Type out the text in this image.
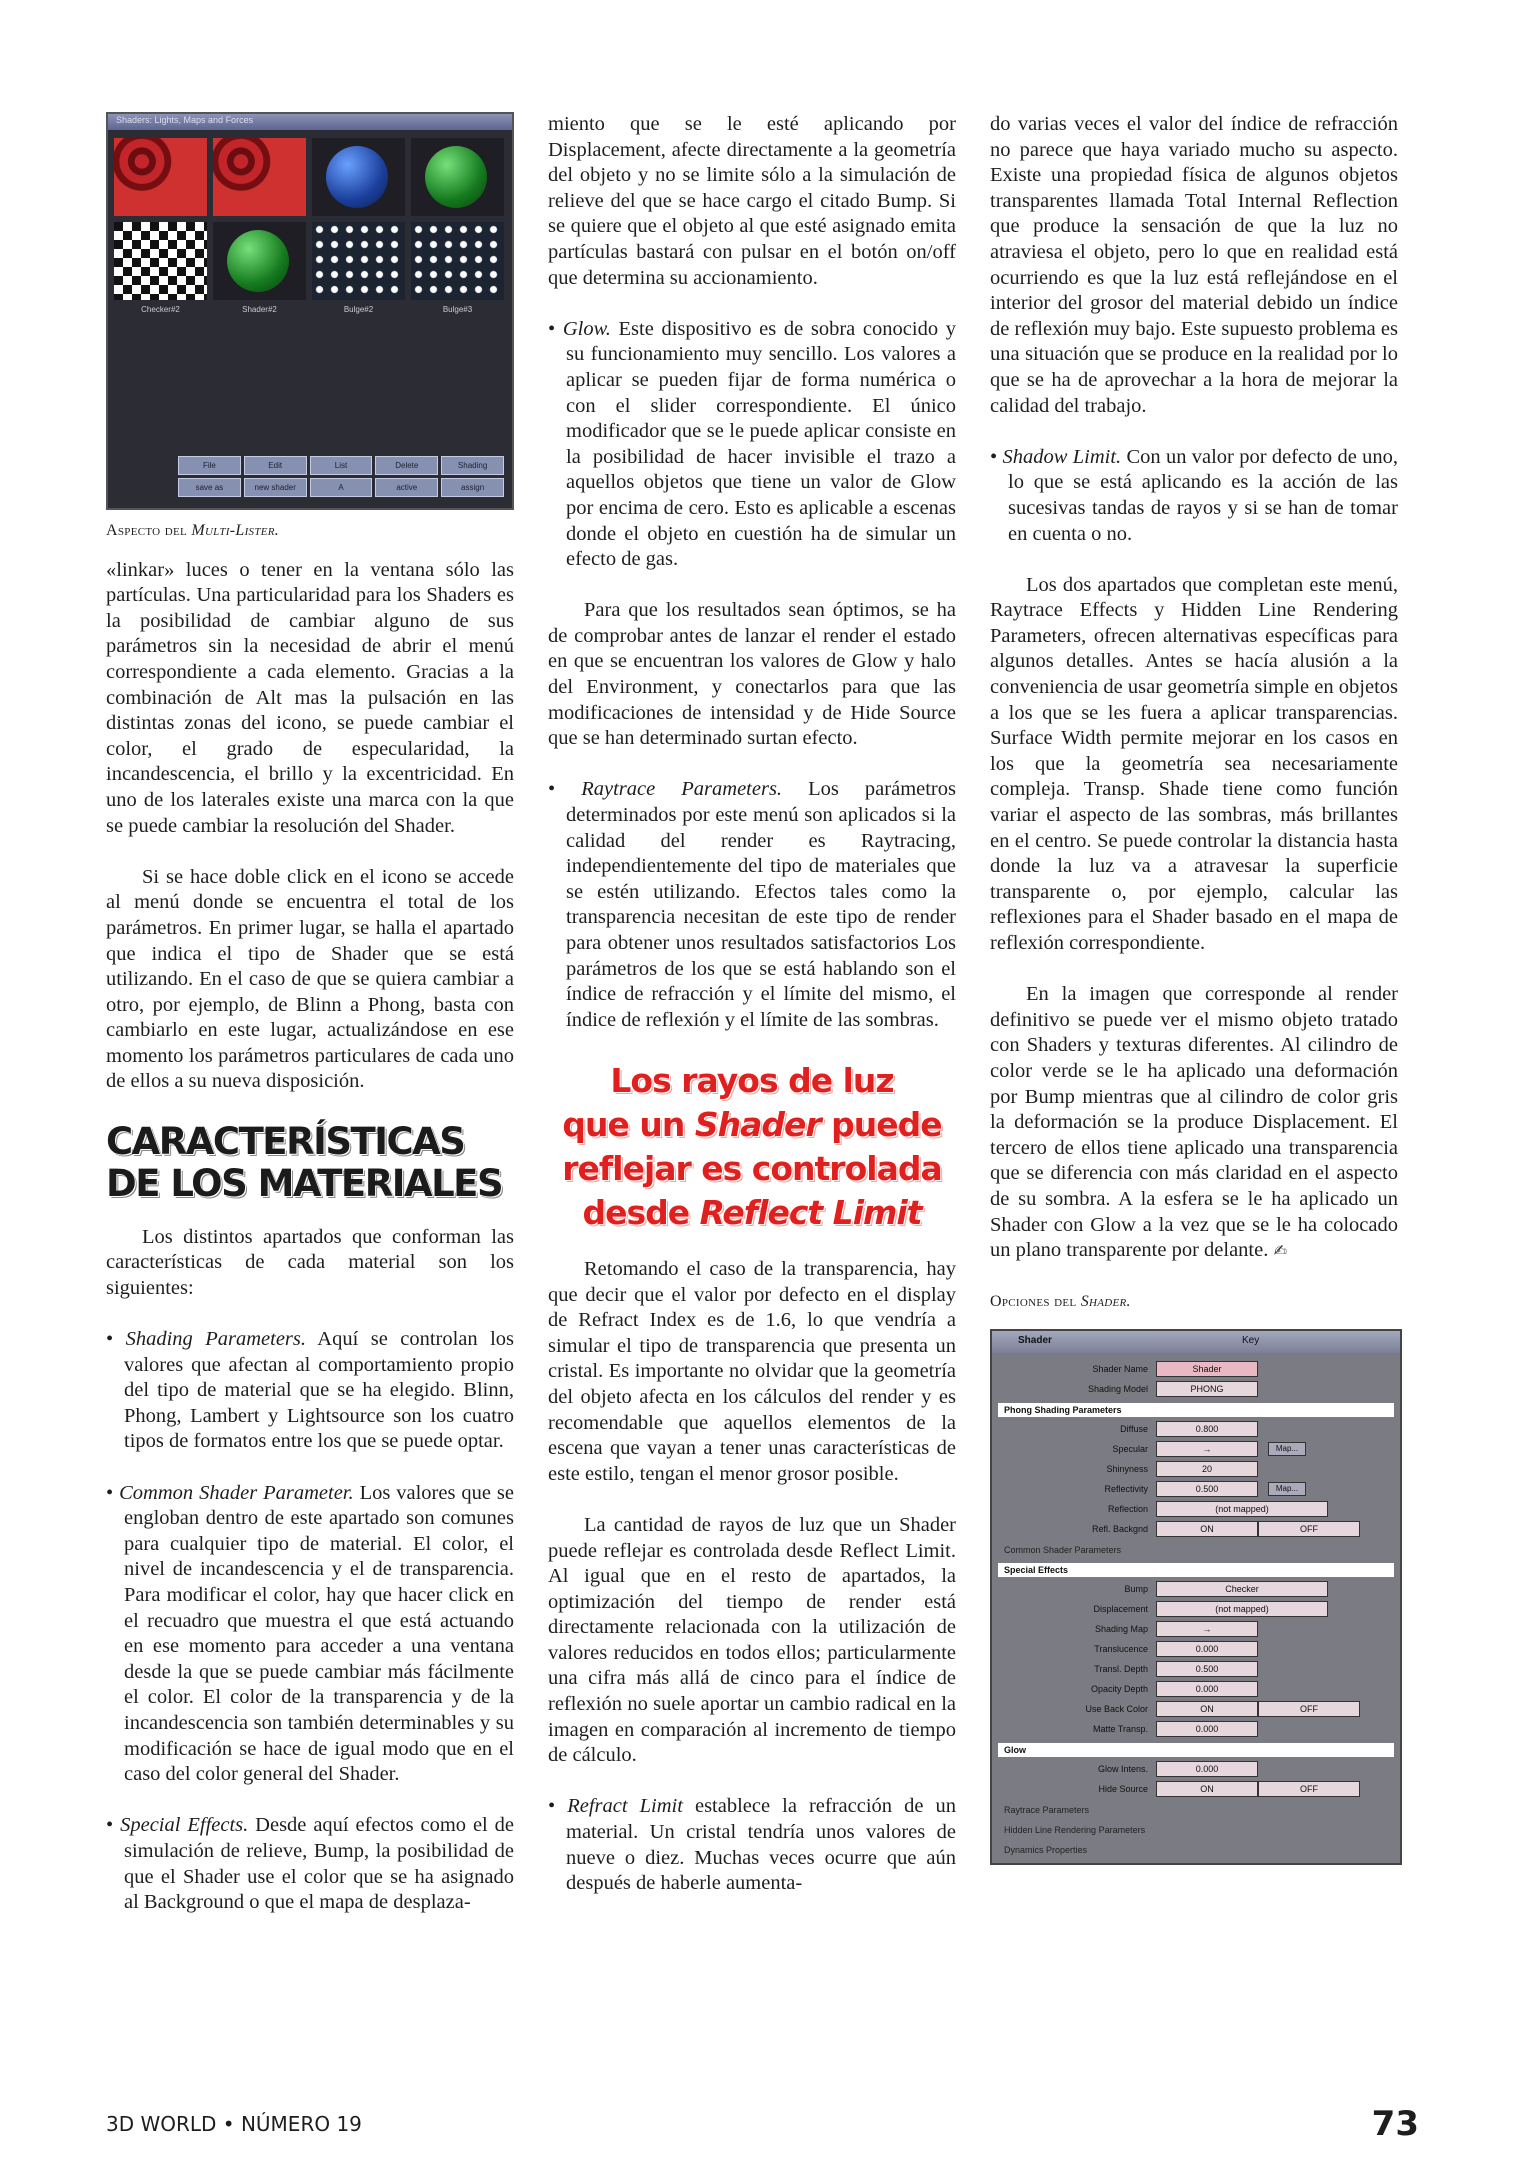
Shaders: Lights, Maps and Forces
Checker#2	Shader#2	Bulge#2	Bulge#3
File	Edit	List	Delete	Shading
save as	new shader	A	active	assign
Aspecto del Multi-Lister.

«linkar» luces o tener en la ventana sólo las partículas. Una particularidad para los Shaders es la posibilidad de cambiar alguno de sus parámetros sin la necesidad de abrir el menú correspondiente a cada elemento. Gracias a la combinación de Alt mas la pulsación en las distintas zonas del icono, se puede cambiar el color, el grado de especularidad, la incandescencia, el brillo y la excentricidad. En uno de los laterales existe una marca con la que se puede cambiar la resolución del Shader.

Si se hace doble click en el icono se accede al menú donde se encuentra el total de los parámetros. En primer lugar, se halla el apartado que indica el tipo de Shader que se está utilizando. En el caso de que se quiera cambiar a otro, por ejemplo, de Blinn a Phong, basta con cambiarlo en este lugar, actualizándose en ese momento los parámetros particulares de cada uno de ellos a su nueva disposición.

CARACTERÍSTICAS
DE LOS MATERIALES

Los distintos apartados que conforman las características de cada material son los siguientes:

• Shading Parameters. Aquí se controlan los valores que afectan al comportamiento propio del tipo de material que se ha elegido. Blinn, Phong, Lambert y Lightsource son los cuatro tipos de formatos entre los que se puede optar.

• Common Shader Parameter. Los valores que se engloban dentro de este apartado son comunes para cualquier tipo de material. El color, el nivel de incandescencia y el de transparencia. Para modificar el color, hay que hacer click en el recuadro que muestra el que está actuando en ese momento para acceder a una ventana desde la que se puede cambiar más fácilmente el color. El color de la transparencia y de la incandescencia son también determinables y su modificación se hace de igual modo que en el caso del color general del Shader.

• Special Effects. Desde aquí efectos como el de simulación de relieve, Bump, la posibilidad de que el Shader use el color que se ha asignado al Background o que el mapa de desplaza-

miento que se le esté aplicando por Displacement, afecte directamente a la geometría del objeto y no se limite sólo a la simulación de relieve del que se hace cargo el citado Bump. Si se quiere que el objeto al que esté asignado emita partículas bastará con pulsar en el botón on/off que determina su accionamiento.

• Glow. Este dispositivo es de sobra conocido y su funcionamiento muy sencillo. Los valores a aplicar se pueden fijar de forma numérica o con el slider correspondiente. El único modificador que se le puede aplicar consiste en la posibilidad de hacer invisible el trazo a aquellos objetos que tiene un valor de Glow por encima de cero. Esto es aplicable a escenas donde el objeto en cuestión ha de simular un efecto de gas.

Para que los resultados sean óptimos, se ha de comprobar antes de lanzar el render el estado en que se encuentran los valores de Glow y halo del Environment, y conectarlos para que las modificaciones de intensidad y de Hide Source que se han determinado surtan efecto.

• Raytrace Parameters. Los parámetros determinados por este menú son aplicados si la calidad del render es Raytracing, independientemente del tipo de materiales que se estén utilizando. Efectos tales como la transparencia necesitan de este tipo de render para obtener unos resultados satisfactorios Los parámetros de los que se está hablando son el índice de refracción y el límite del mismo, el índice de reflexión y el límite de las sombras.

Los rayos de luz
que un Shader puede
reflejar es controlada
desde Reflect Limit

Retomando el caso de la transparencia, hay que decir que el valor por defecto en el display de Refract Index es de 1.6, lo que vendría a simular el tipo de transparencia que presenta un cristal. Es importante no olvidar que la geometría del objeto afecta en los cálculos del render y es recomendable que aquellos elementos de la escena que vayan a tener unas características de este estilo, tengan el menor grosor posible.

La cantidad de rayos de luz que un Shader puede reflejar es controlada desde Reflect Limit. Al igual que en el resto de apartados, la optimización del tiempo de render está directamente relacionada con la utilización de valores reducidos en todos ellos; particularmente una cifra más allá de cinco para el índice de reflexión no suele aportar un cambio radical en la imagen en comparación al incremento de tiempo de cálculo.

• Refract Limit establece la refracción de un material. Un cristal tendría unos valores de nueve o diez. Muchas veces ocurre que aún después de haberle aumenta-

do varias veces el valor del índice de refracción no parece que haya variado mucho su aspecto. Existe una propiedad física de algunos objetos transparentes llamada Total Internal Reflection que produce la sensación de que la luz no atraviesa el objeto, pero lo que en realidad está ocurriendo es que la luz está reflejándose en el interior del grosor del material debido un índice de reflexión muy bajo. Este supuesto problema es una situación que se produce en la realidad por lo que se ha de aprovechar a la hora de mejorar la calidad del trabajo.

• Shadow Limit. Con un valor por defecto de uno, lo que se está aplicando es la acción de las sucesivas tandas de rayos y si se han de tomar en cuenta o no.

Los dos apartados que completan este menú, Raytrace Effects y Hidden Line Rendering Parameters, ofrecen alternativas específicas para algunos detalles. Antes se hacía alusión a la conveniencia de usar geometría simple en objetos a los que se les fuera a aplicar transparencias. Surface Width permite mejorar en los casos en los que la geometría sea necesariamente compleja. Transp. Shade tiene como función variar el aspecto de las sombras, más brillantes en el centro. Se puede controlar la distancia hasta donde la luz va a atravesar la superficie transparente o, por ejemplo, calcular las reflexiones para el Shader basado en el mapa de reflexión correspondiente.

En la imagen que corresponde al render definitivo se puede ver el mismo objeto tratado con Shaders y texturas diferentes. Al cilindro de color verde se le ha aplicado una deformación por Bump mientras que al cilindro de color gris la deformación se la produce Displacement. El tercero de ellos tiene aplicado una transparencia que se diferencia con más claridad en el aspecto de su sombra. A la esfera se le ha aplicado un Shader con Glow a la vez que se le ha colocado un plano transparente por delante. ✍

Opciones del Shader.
Shader	Key
Shader Name	Shader
Shading Model	PHONG
Phong Shading Parameters
Diffuse	0.800
Specular	→	Map...
Shinyness	20
Reflectivity	0.500	Map...
Reflection	(not mapped)
Refl. Backgnd	ON	OFF
Common Shader Parameters
Special Effects
Bump	Checker
Displacement	(not mapped)
Shading Map	→
Translucence	0.000
Transl. Depth	0.500
Opacity Depth	0.000
Use Back Color	ON	OFF
Matte Transp.	0.000
Glow
Glow Intens.	0.000
Hide Source	ON	OFF
Raytrace Parameters
Hidden Line Rendering Parameters
Dynamics Properties
3D WORLD • NÚMERO 19	73
